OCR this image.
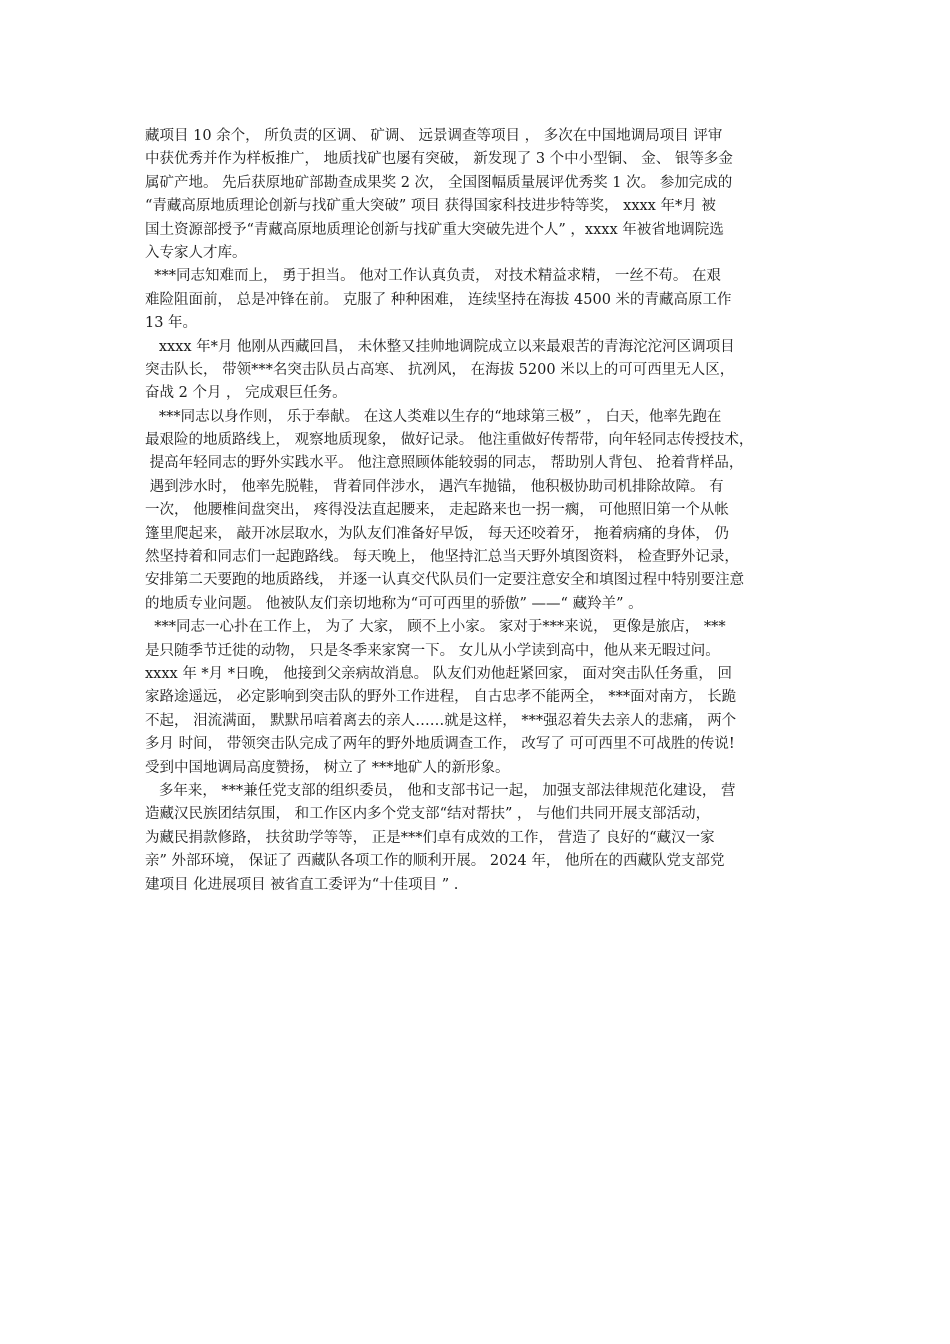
藏项目 10 余个， 所负责的区调、 矿调、 远景调查等项目 ， 多次在中国地调局项目 评审
中获优秀并作为样板推广， 地质找矿也屡有突破， 新发现了 3 个中小型铜、 金、 银等多金
属矿产地。 先后获原地矿部勘查成果奖 2 次， 全国图幅质量展评优秀奖 1 次。 参加完成的
“青藏高原地质理论创新与找矿重大突破” 项目 获得国家科技进步特等奖， xxxx 年*月 被
国土资源部授予“青藏高原地质理论创新与找矿重大突破先进个人” ，xxxx 年被省地调院选
入专家人才库。
***同志知难而上， 勇于担当。 他对工作认真负责， 对技术精益求精， 一丝不苟。 在艰
难险阻面前， 总是冲锋在前。 克服了 种种困难， 连续坚持在海拔 4500 米的青藏高原工作
13 年。
xxxx 年*月 他刚从西藏回昌， 未休整又挂帅地调院成立以来最艰苦的青海沱沱河区调项目
突击队长， 带领***名突击队员占高寒、 抗冽风， 在海拔 5200 米以上的可可西里无人区，
奋战 2 个月 ， 完成艰巨任务。
***同志以身作则， 乐于奉献。 在这人类难以生存的“地球第三极” ， 白天，他率先跑在
最艰险的地质路线上， 观察地质现象， 做好记录。 他注重做好传帮带，向年轻同志传授技术，
提高年轻同志的野外实践水平。 他注意照顾体能较弱的同志， 帮助别人背包、 抢着背样品，
遇到涉水时， 他率先脱鞋， 背着同伴涉水， 遇汽车抛锚， 他积极协助司机排除故障。 有
一次， 他腰椎间盘突出， 疼得没法直起腰来， 走起路来也一拐一瘸， 可他照旧第一个从帐
篷里爬起来， 敲开冰层取水，为队友们准备好早饭， 每天还咬着牙， 拖着病痛的身体， 仍
然坚持着和同志们一起跑路线。 每天晚上， 他坚持汇总当天野外填图资料， 检查野外记录，
安排第二天要跑的地质路线， 并逐一认真交代队员们一定要注意安全和填图过程中特别要注意
的地质专业问题。 他被队友们亲切地称为“可可西里的骄傲” ——“ 藏羚羊” 。
***同志一心扑在工作上， 为了 大家， 顾不上小家。 家对于***来说， 更像是旅店， ***
是只随季节迁徙的动物， 只是冬季来家窝一下。 女儿从小学读到高中，他从来无暇过问。
xxxx 年 *月 *日晚， 他接到父亲病故消息。 队友们劝他赶紧回家， 面对突击队任务重， 回
家路途遥远， 必定影响到突击队的野外工作进程， 自古忠孝不能两全， ***面对南方， 长跪
不起， 泪流满面， 默默吊唁着离去的亲人……就是这样， ***强忍着失去亲人的悲痛， 两个
多月 时间， 带领突击队完成了两年的野外地质调查工作， 改写了 可可西里不可战胜的传说!
受到中国地调局高度赞扬， 树立了 ***地矿人的新形象。
多年来， ***兼任党支部的组织委员， 他和支部书记一起， 加强支部法律规范化建设， 营
造藏汉民族团结氛围， 和工作区内多个党支部“结对帮扶” ， 与他们共同开展支部活动，
为藏民捐款修路， 扶贫助学等等， 正是***们卓有成效的工作， 营造了 良好的“藏汉一家
亲” 外部环境， 保证了 西藏队各项工作的顺利开展。 2024 年， 他所在的西藏队党支部党
建项目 化进展项目 被省直工委评为“十佳项目 ” .
